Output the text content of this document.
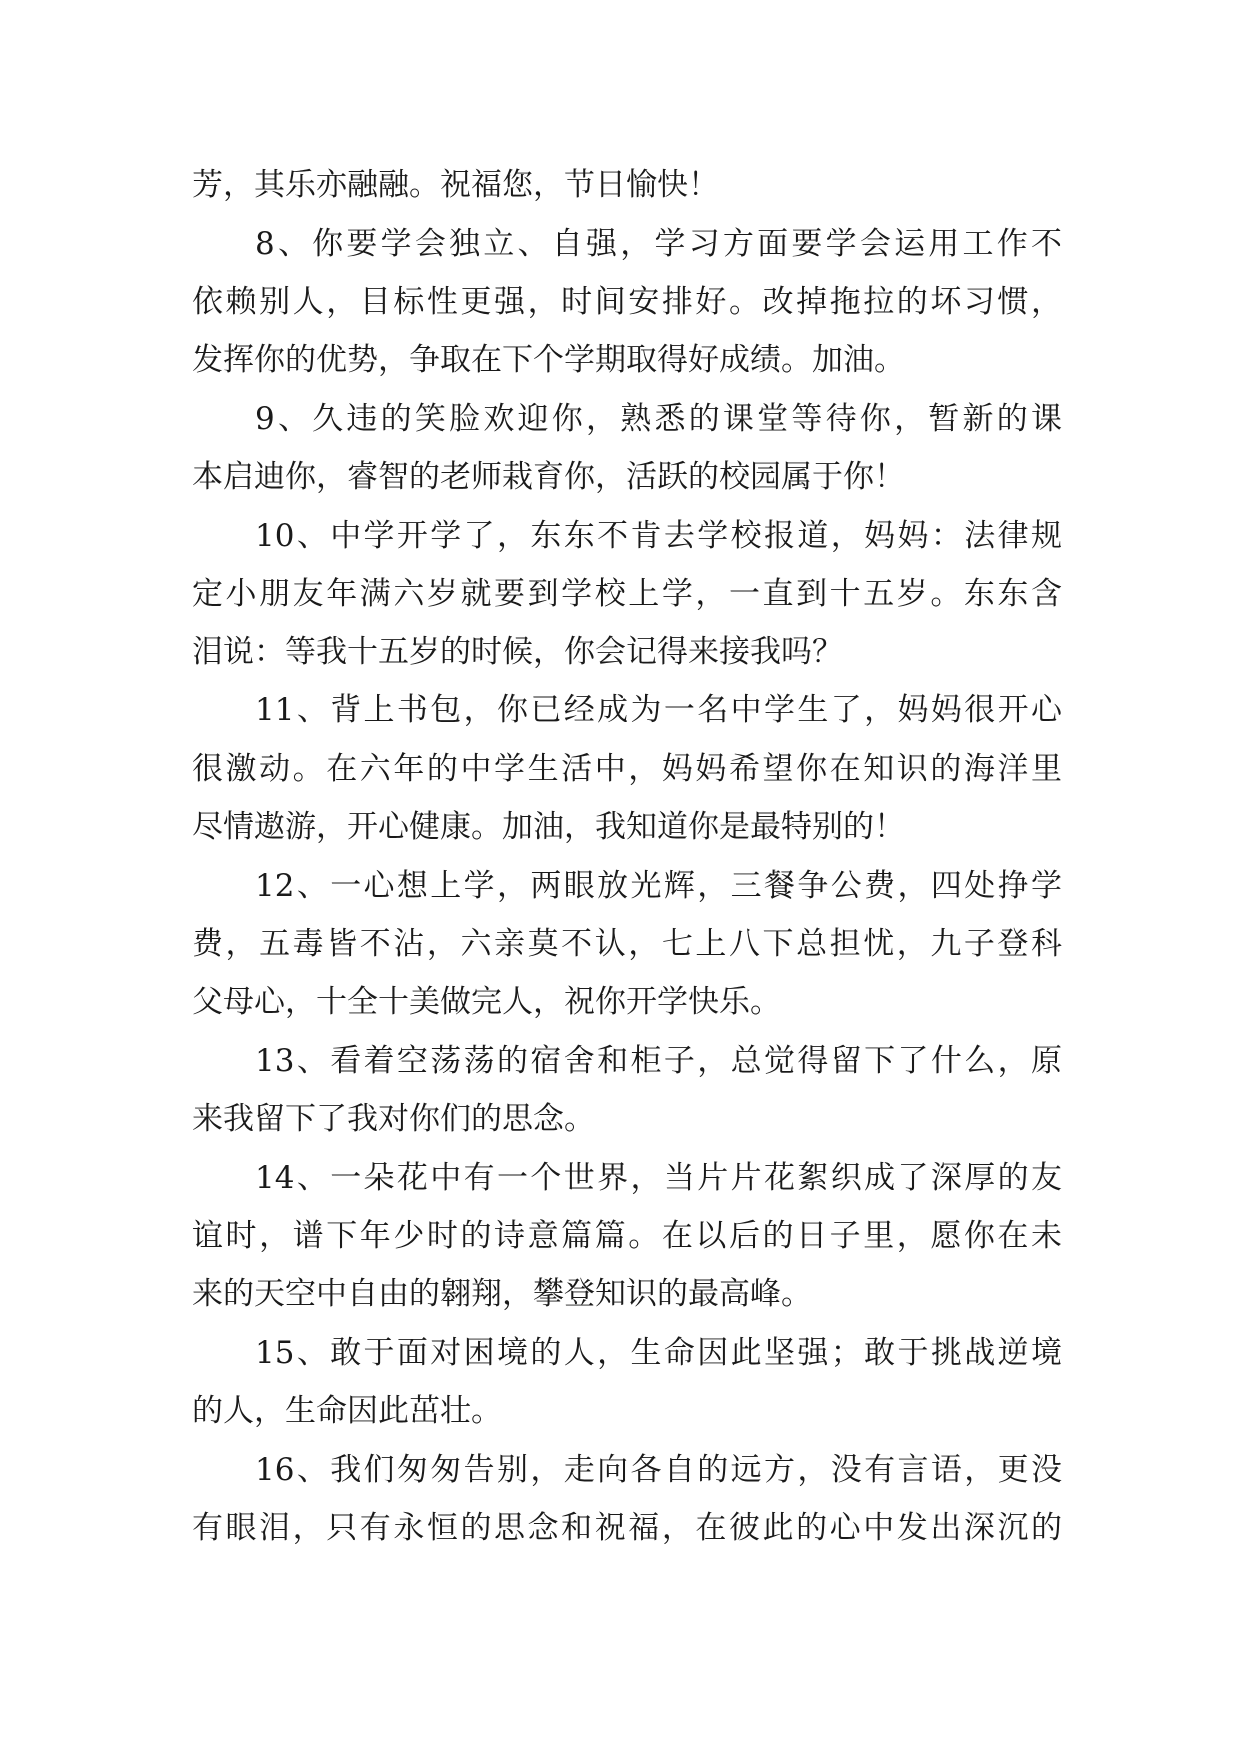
芳，其乐亦融融。祝福您，节日愉快！
8、你要学会独立、自强，学习方面要学会运用工作不
依赖别人，目标性更强，时间安排好。改掉拖拉的坏习惯，
发挥你的优势，争取在下个学期取得好成绩。加油。
9、久违的笑脸欢迎你，熟悉的课堂等待你，暂新的课
本启迪你，睿智的老师栽育你，活跃的校园属于你！
10、中学开学了，东东不肯去学校报道，妈妈：法律规
定小朋友年满六岁就要到学校上学，一直到十五岁。东东含
泪说：等我十五岁的时候，你会记得来接我吗？
11、背上书包，你已经成为一名中学生了，妈妈很开心
很激动。在六年的中学生活中，妈妈希望你在知识的海洋里
尽情遨游，开心健康。加油，我知道你是最特别的！
12、一心想上学，两眼放光辉，三餐争公费，四处挣学
费，五毒皆不沾，六亲莫不认，七上八下总担忧，九子登科
父母心，十全十美做完人，祝你开学快乐。
13、看着空荡荡的宿舍和柜子，总觉得留下了什么，原
来我留下了我对你们的思念。
14、一朵花中有一个世界，当片片花絮织成了深厚的友
谊时，谱下年少时的诗意篇篇。在以后的日子里，愿你在未
来的天空中自由的翱翔，攀登知识的最高峰。
15、敢于面对困境的人，生命因此坚强；敢于挑战逆境
的人，生命因此茁壮。
16、我们匆匆告别，走向各自的远方，没有言语，更没
有眼泪，只有永恒的思念和祝福，在彼此的心中发出深沉的
